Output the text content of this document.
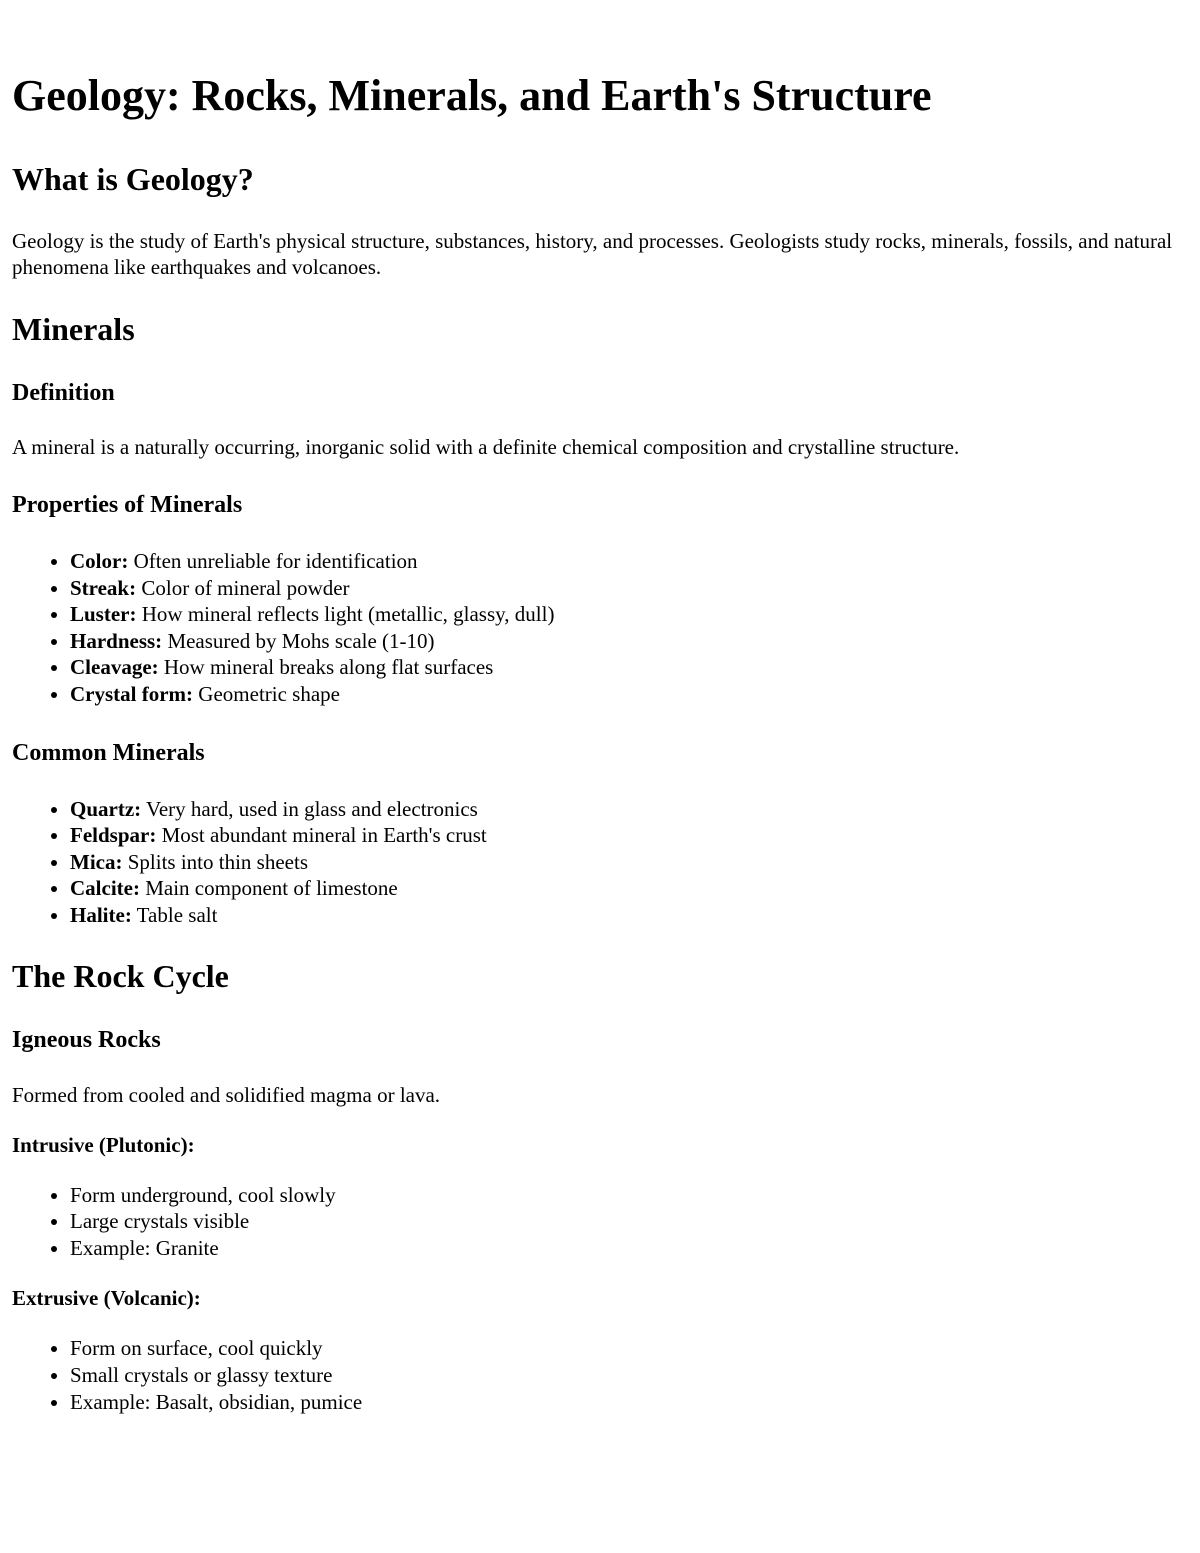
Geology: Rocks, Minerals, and Earth's Structure
What is Geology?

Geology is the study of Earth's physical structure, substances, history, and processes. Geologists study rocks, minerals, fossils, and natural phenomena like earthquakes and volcanoes.

Minerals
Definition

A mineral is a naturally occurring, inorganic solid with a definite chemical composition and crystalline structure.

Properties of Minerals
• Color: Often unreliable for identification
• Streak: Color of mineral powder
• Luster: How mineral reflects light (metallic, glassy, dull)
• Hardness: Measured by Mohs scale (1-10)
• Cleavage: How mineral breaks along flat surfaces
• Crystal form: Geometric shape
Common Minerals
• Quartz: Very hard, used in glass and electronics
• Feldspar: Most abundant mineral in Earth's crust
• Mica: Splits into thin sheets
• Calcite: Main component of limestone
• Halite: Table salt
The Rock Cycle
Igneous Rocks

Formed from cooled and solidified magma or lava.

Intrusive (Plutonic):
• Form underground, cool slowly
• Large crystals visible
• Example: Granite
Extrusive (Volcanic):
• Form on surface, cool quickly
• Small crystals or glassy texture
• Example: Basalt, obsidian, pumice
